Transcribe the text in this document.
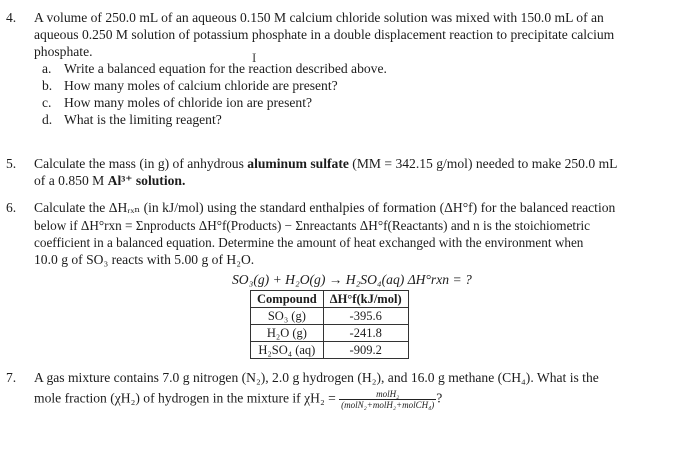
4. A volume of 250.0 mL of an aqueous 0.150 M calcium chloride solution was mixed with 150.0 mL of an
aqueous 0.250 M solution of potassium phosphate in a double displacement reaction to precipitate calcium
phosphate.
a. Write a balanced equation for the reaction described above.
b. How many moles of calcium chloride are present?
c. How many moles of chloride ion are present?
d. What is the limiting reagent?
I
5. Calculate the mass (in g) of anhydrous aluminum sulfate (MM = 342.15 g/mol) needed to make 250.0 mL
of a 0.850 M Al³⁺ solution.
6. Calculate the ΔHᵣₓₙ (in kJ/mol) using the standard enthalpies of formation (ΔH°f) for the balanced reaction
below if ΔH°rxn = Σnproducts ΔH°f(Products) − Σnreactants ΔH°f(Reactants) and n is the stoichiometric
coefficient in a balanced equation. Determine the amount of heat exchanged with the environment when
10.0 g of SO₃ reacts with 5.00 g of H₂O.
SO₃(g) + H₂O(g) → H₂SO₄(aq) ΔH°rxn = ?
Compound	ΔH°f(kJ/mol)
SO₃ (g)	-395.6
H₂O (g)	-241.8
H₂SO₄ (aq)	-909.2
7. A gas mixture contains 7.0 g nitrogen (N₂), 2.0 g hydrogen (H₂), and 16.0 g methane (CH₄). What is the
mole fraction (χH₂) of hydrogen in the mixture if $\chi H_2 = \frac{\text{molH₂}}{\text{(molN₂+molH₂+molCH₄)}}$ ?
